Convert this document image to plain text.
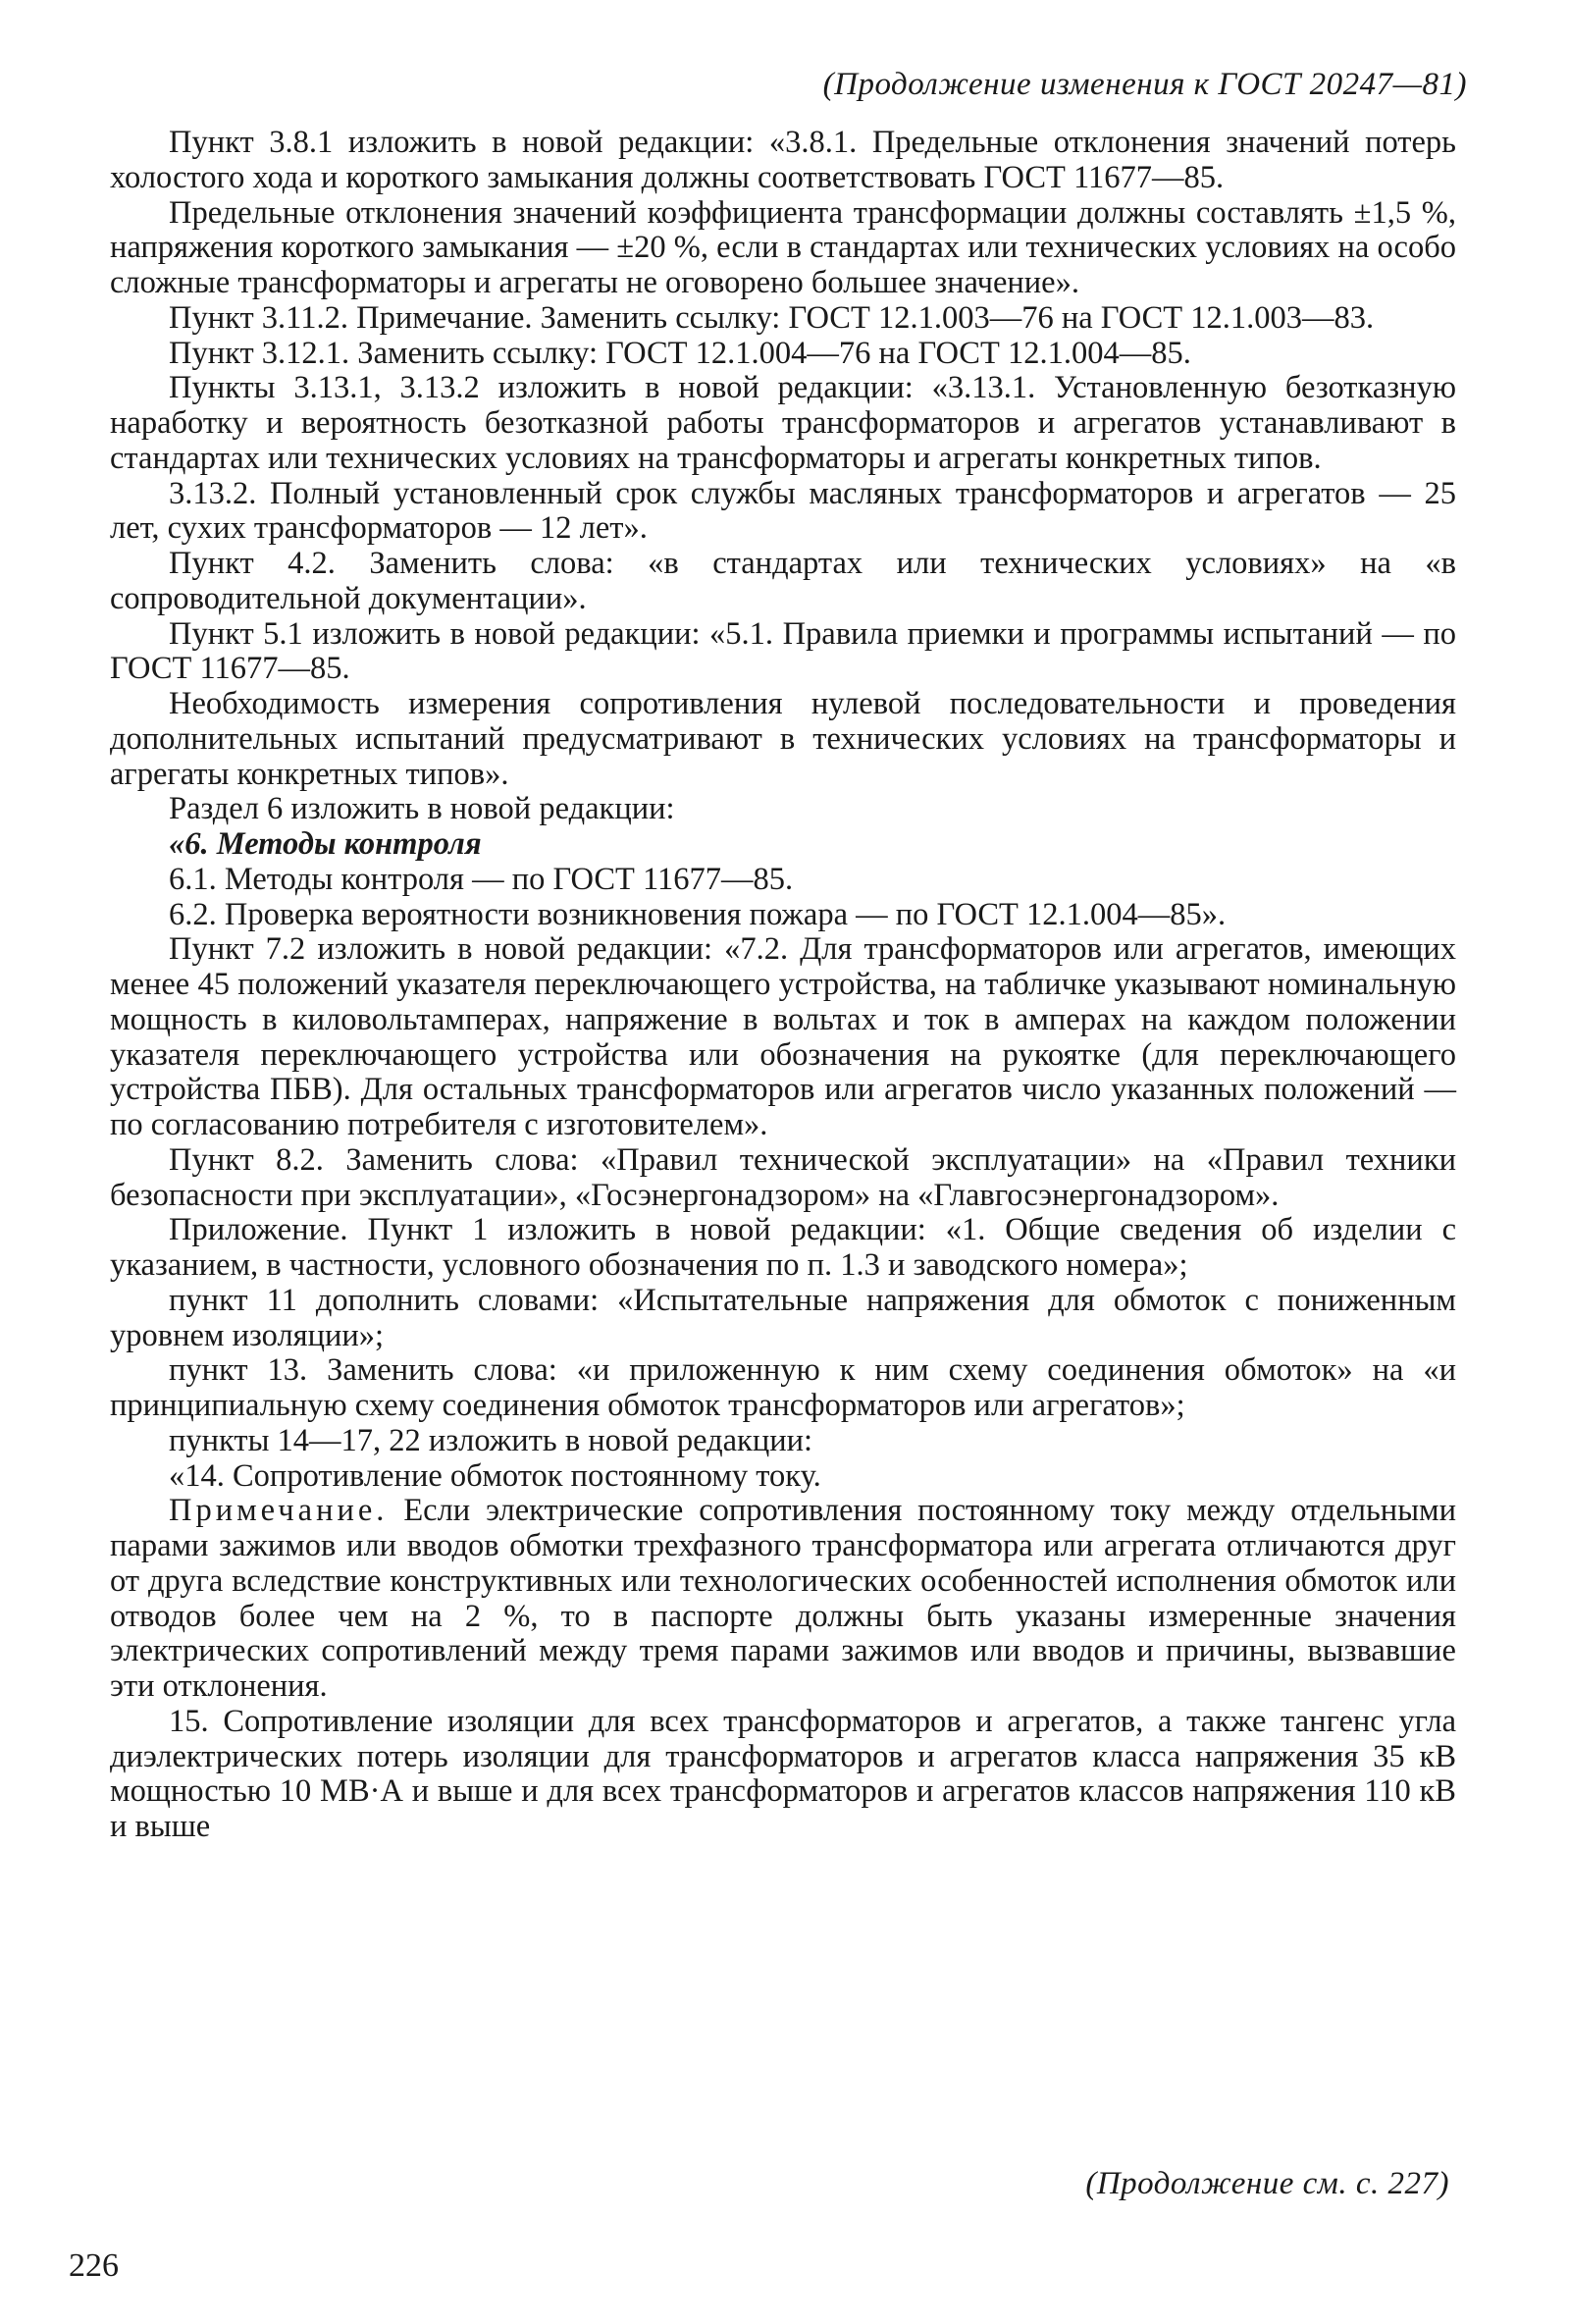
(Продолжение изменения к ГОСТ 20247—81)

Пункт 3.8.1 изложить в новой редакции: «3.8.1. Предельные отклонения значений потерь холостого хода и короткого замыкания должны соответствовать ГОСТ 11677—85.

Предельные отклонения значений коэффициента трансформации должны составлять ±1,5 %, напряжения короткого замыкания — ±20 %, если в стандартах или технических условиях на особо сложные трансформаторы и агрегаты не оговорено большее значение».

Пункт 3.11.2. Примечание. Заменить ссылку: ГОСТ 12.1.003—76 на ГОСТ 12.1.003—83.

Пункт 3.12.1. Заменить ссылку: ГОСТ 12.1.004—76 на ГОСТ 12.1.004—85.

Пункты 3.13.1, 3.13.2 изложить в новой редакции: «3.13.1. Установленную безотказную наработку и вероятность безотказной работы трансформаторов и агрегатов устанавливают в стандартах или технических условиях на трансформаторы и агрегаты конкретных типов.

3.13.2. Полный установленный срок службы масляных трансформаторов и агрегатов — 25 лет, сухих трансформаторов — 12 лет».

Пункт 4.2. Заменить слова: «в стандартах или технических условиях» на «в сопроводительной документации».

Пункт 5.1 изложить в новой редакции: «5.1. Правила приемки и программы испытаний — по ГОСТ 11677—85.

Необходимость измерения сопротивления нулевой последовательности и проведения дополнительных испытаний предусматривают в технических условиях на трансформаторы и агрегаты конкретных типов».

Раздел 6 изложить в новой редакции:

«6. Методы контроля

6.1. Методы контроля — по ГОСТ 11677—85.

6.2. Проверка вероятности возникновения пожара — по ГОСТ 12.1.004—85».

Пункт 7.2 изложить в новой редакции: «7.2. Для трансформаторов или агрегатов, имеющих менее 45 положений указателя переключающего устройства, на табличке указывают номинальную мощность в киловольтамперах, напряжение в вольтах и ток в амперах на каждом положении указателя переключающего устройства или обозначения на рукоятке (для переключающего устройства ПБВ). Для остальных трансформаторов или агрегатов число указанных положений — по согласованию потребителя с изготовителем».

Пункт 8.2. Заменить слова: «Правил технической эксплуатации» на «Правил техники безопасности при эксплуатации», «Госэнергонадзором» на «Главгосэнергонадзором».

Приложение. Пункт 1 изложить в новой редакции: «1. Общие сведения об изделии с указанием, в частности, условного обозначения по п. 1.3 и заводского номера»;

пункт 11 дополнить словами: «Испытательные напряжения для обмоток с пониженным уровнем изоляции»;

пункт 13. Заменить слова: «и приложенную к ним схему соединения обмоток» на «и принципиальную схему соединения обмоток трансформаторов или агрегатов»;

пункты 14—17, 22 изложить в новой редакции:

«14. Сопротивление обмоток постоянному току.

Примечание. Если электрические сопротивления постоянному току между отдельными парами зажимов или вводов обмотки трехфазного трансформатора или агрегата отличаются друг от друга вследствие конструктивных или технологических особенностей исполнения обмоток или отводов более чем на 2 %, то в паспорте должны быть указаны измеренные значения электрических сопротивлений между тремя парами зажимов или вводов и причины, вызвавшие эти отклонения.

15. Сопротивление изоляции для всех трансформаторов и агрегатов, а также тангенс угла диэлектрических потерь изоляции для трансформаторов и агрегатов класса напряжения 35 кВ мощностью 10 МВ·А и выше и для всех трансформаторов и агрегатов классов напряжения 110 кВ и выше

(Продолжение см. с. 227)
226
